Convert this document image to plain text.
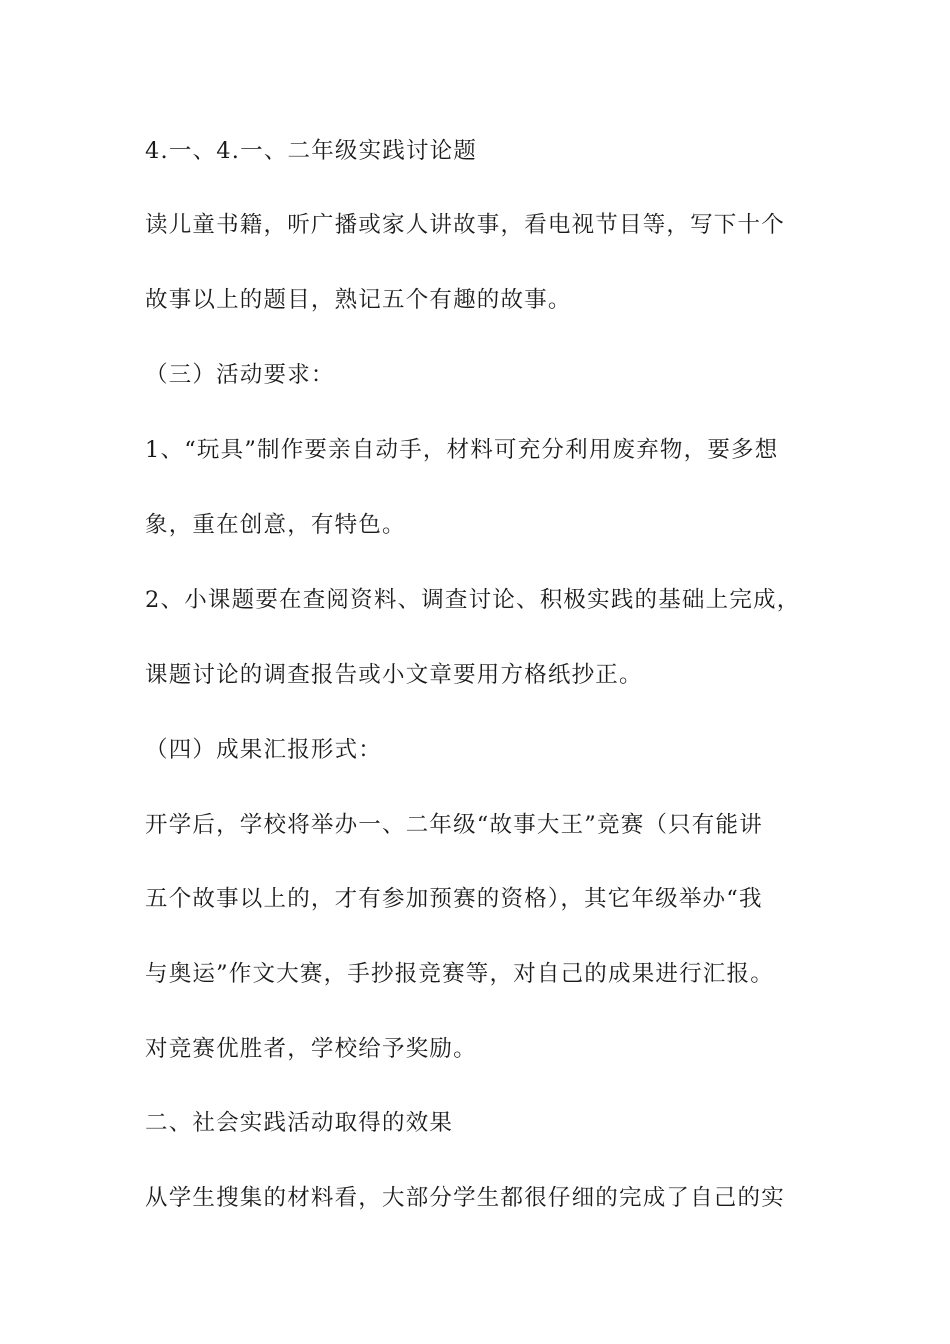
4.一、4.一、二年级实践讨论题
读儿童书籍，听广播或家人讲故事，看电视节目等，写下十个
故事以上的题目，熟记五个有趣的故事。
（三）活动要求：
1、“玩具”制作要亲自动手，材料可充分利用废弃物，要多想
象，重在创意，有特色。
2、小课题要在查阅资料、调查讨论、积极实践的基础上完成，
课题讨论的调查报告或小文章要用方格纸抄正。
（四）成果汇报形式：
开学后，学校将举办一、二年级“故事大王”竞赛（只有能讲
五个故事以上的，才有参加预赛的资格），其它年级举办“我
与奥运”作文大赛，手抄报竞赛等，对自己的成果进行汇报。
对竞赛优胜者，学校给予奖励。
二、社会实践活动取得的效果
从学生搜集的材料看，大部分学生都很仔细的完成了自己的实
